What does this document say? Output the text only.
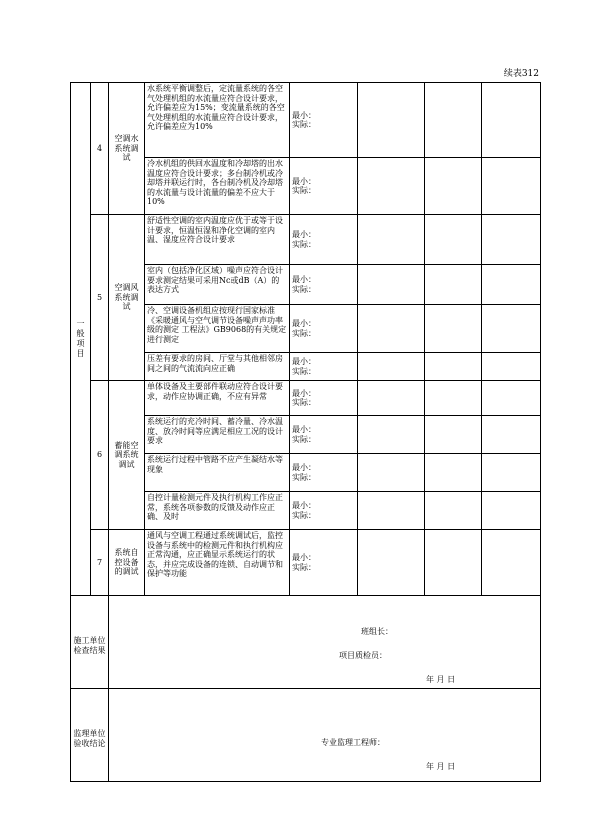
续表312
一般项目	4	空调水系统调试	水系统平衡调整后，定流量系统的各空气处理机组的水流量应符合设计要求，允许偏差应为15%；变流量系统的各空气处理机组的水流量应符合设计要求，允许偏差应为10%	最小：
实际：			
			冷水机组的供回水温度和冷却塔的出水温度应符合设计要求；多台制冷机或冷却塔并联运行时，各台制冷机及冷却塔的水流量与设计流量的偏差不应大于10%	最小：
实际：			
	5	空调风系统调试	舒适性空调的室内温度应优于或等于设计要求，恒温恒湿和净化空调的室内温、湿度应符合设计要求	最小：
实际：			
			室内（包括净化区域）噪声应符合设计要求测定结果可采用Nc或dB（A）的表达方式	最小：
实际：			
			冷、空调设备机组应按现行国家标准《采暖通风与空气调节设备噪声声功率级的测定 工程法》GB9068的有关规定进行测定	最小：
实际：			
			压差有要求的房间、厅堂与其他相邻房间之间的气流流向应正确	最小：
实际：			
	6	蓄能空调系统调试	单体设备及主要部件联动应符合设计要求，动作应协调正确，不应有异常	最小：
实际：			
			系统运行的充冷时间、蓄冷量、冷水温度、放冷时间等应满足相应工况的设计要求	最小：
实际：			
			系统运行过程中管路不应产生凝结水等现象	最小：
实际：			
			自控计量检测元件及执行机构工作应正常，系统各项参数的反馈及动作应正确、及时	最小：
实际：			
	7	系统自控设备的调试	通风与空调工程通过系统调试后，监控设备与系统中的检测元件和执行机构应正常沟通，应正确显示系统运行的状态，并应完成设备的连锁、自动调节和保护等功能	最小：
实际：			
施工单位检查结果		班组长：
项目质检员：
年 月 日					

监理单位验收结论		专业监理工程师：
年 月 日					
